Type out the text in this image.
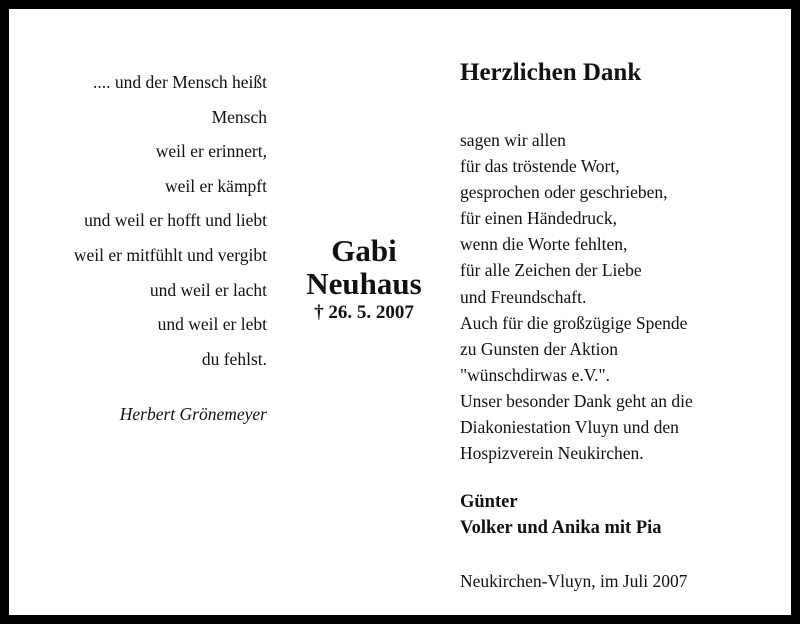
.... und der Mensch heißt
Mensch
weil er erinnert,
weil er kämpft
und weil er hofft und liebt
weil er mitfühlt und vergibt
und weil er lacht
und weil er lebt
du fehlst.
Herbert Grönemeyer
Gabi
Neuhaus
† 26. 5. 2007
Herzlichen Dank
sagen wir allen
für das tröstende Wort,
gesprochen oder geschrieben,
für einen Händedruck,
wenn die Worte fehlten,
für alle Zeichen der Liebe
und Freundschaft.
Auch für die großzügige Spende
zu Gunsten der Aktion
"wünschdirwas e.V.".
Unser besonder Dank geht an die
Diakoniestation Vluyn und den
Hospizverein Neukirchen.
Günter
Volker und Anika mit Pia
Neukirchen-Vluyn, im Juli 2007
